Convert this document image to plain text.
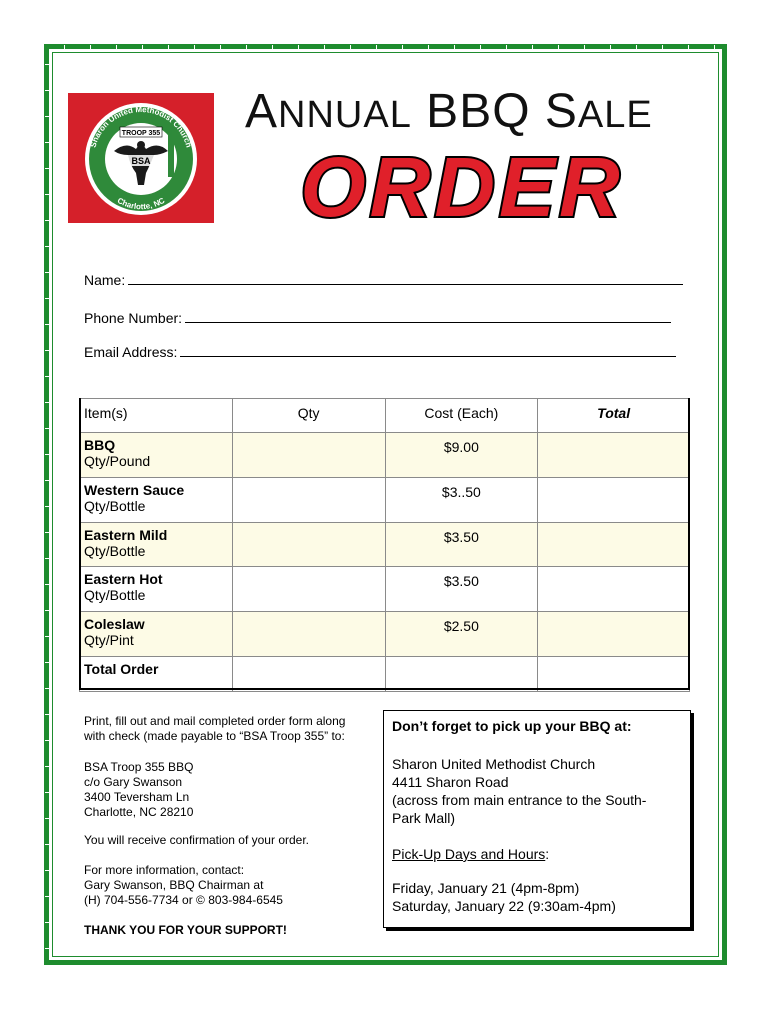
Sharon United Methodist Church
Charlotte, NC
TROOP 355
BSA
ANNUAL BBQ SALE
ORDER
Name:
Phone Number:
Email Address:
Item(s)	Qty	Cost (Each)	Total

BBQ
Qty/Pound		$9.00	

Western Sauce
Qty/Bottle		$3..50	

Eastern Mild
Qty/Bottle		$3.50	

Eastern Hot
Qty/Bottle		$3.50	

Coleslaw
Qty/Pint		$2.50	
Total Order			
Print, fill out and mail completed order form along
with check (made payable to “BSA Troop 355” to:
BSA Troop 355 BBQ
c/o Gary Swanson
3400 Teversham Ln
Charlotte, NC 28210
You will receive confirmation of your order.
For more information, contact:
Gary Swanson, BBQ Chairman at
(H) 704-556-7734 or © 803-984-6545
THANK YOU FOR YOUR SUPPORT!
Don’t forget to pick up your BBQ at:
Sharon United Methodist Church
4411 Sharon Road
(across from main entrance to the South-
Park Mall)
Pick-Up Days and Hours:
Friday, January 21 (4pm-8pm)
Saturday, January 22 (9:30am-4pm)
